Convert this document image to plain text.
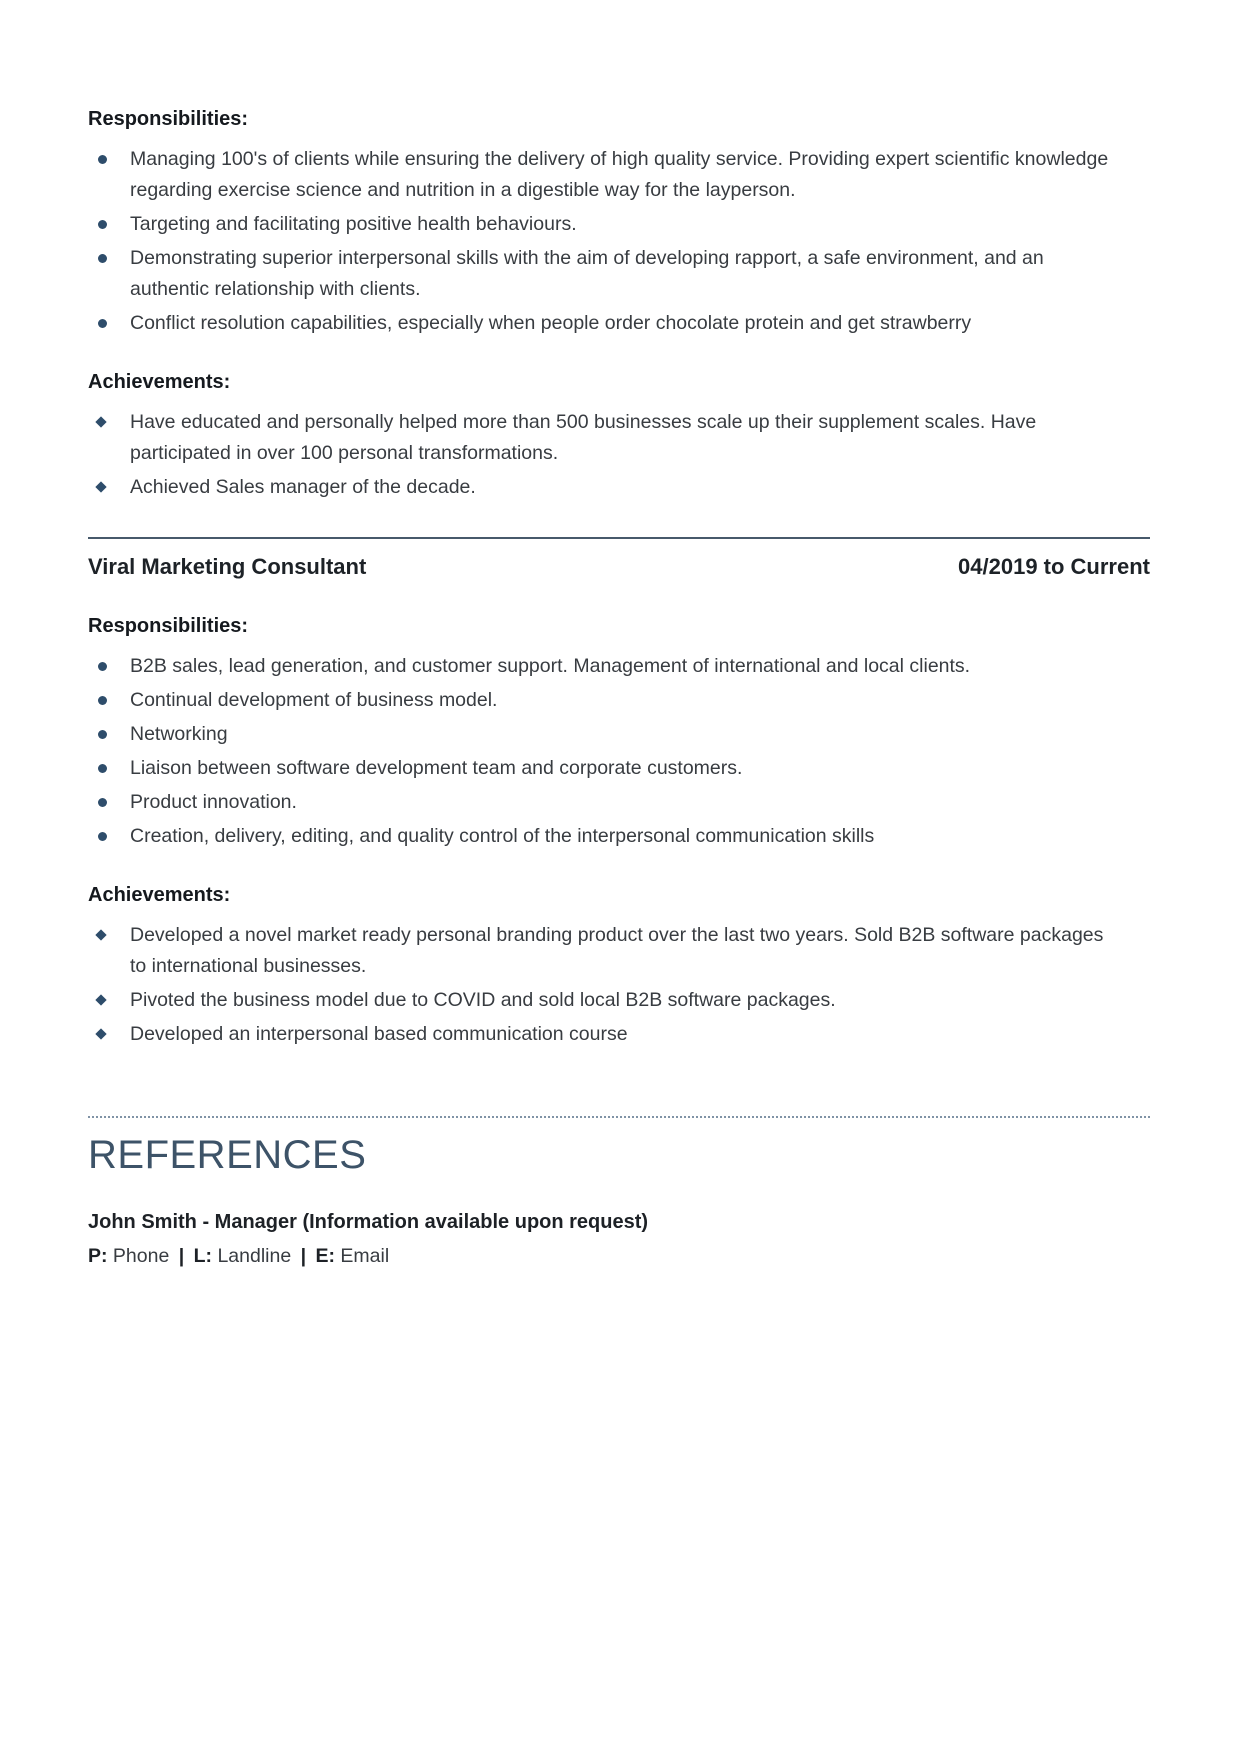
Responsibilities:
Managing 100's of clients while ensuring the delivery of high quality service. Providing expert scientific knowledge regarding exercise science and nutrition in a digestible way for the layperson.
Targeting and facilitating positive health behaviours.
Demonstrating superior interpersonal skills with the aim of developing rapport, a safe environment, and an authentic relationship with clients.
Conflict resolution capabilities, especially when people order chocolate protein and get strawberry
Achievements:
Have educated and personally helped more than 500 businesses scale up their supplement scales. Have participated in over 100 personal transformations.
Achieved Sales manager of the decade.
Viral Marketing Consultant	04/2019 to Current
Responsibilities:
B2B sales, lead generation, and customer support. Management of international and local clients.
Continual development of business model.
Networking
Liaison between software development team and corporate customers.
Product innovation.
Creation, delivery, editing, and quality control of the interpersonal communication skills
Achievements:
Developed a novel market ready personal branding product over the last two years. Sold B2B software packages to international businesses.
Pivoted the business model due to COVID and sold local B2B software packages.
Developed an interpersonal based communication course
REFERENCES

John Smith - Manager (Information available upon request)

P: Phone | L: Landline | E: Email
